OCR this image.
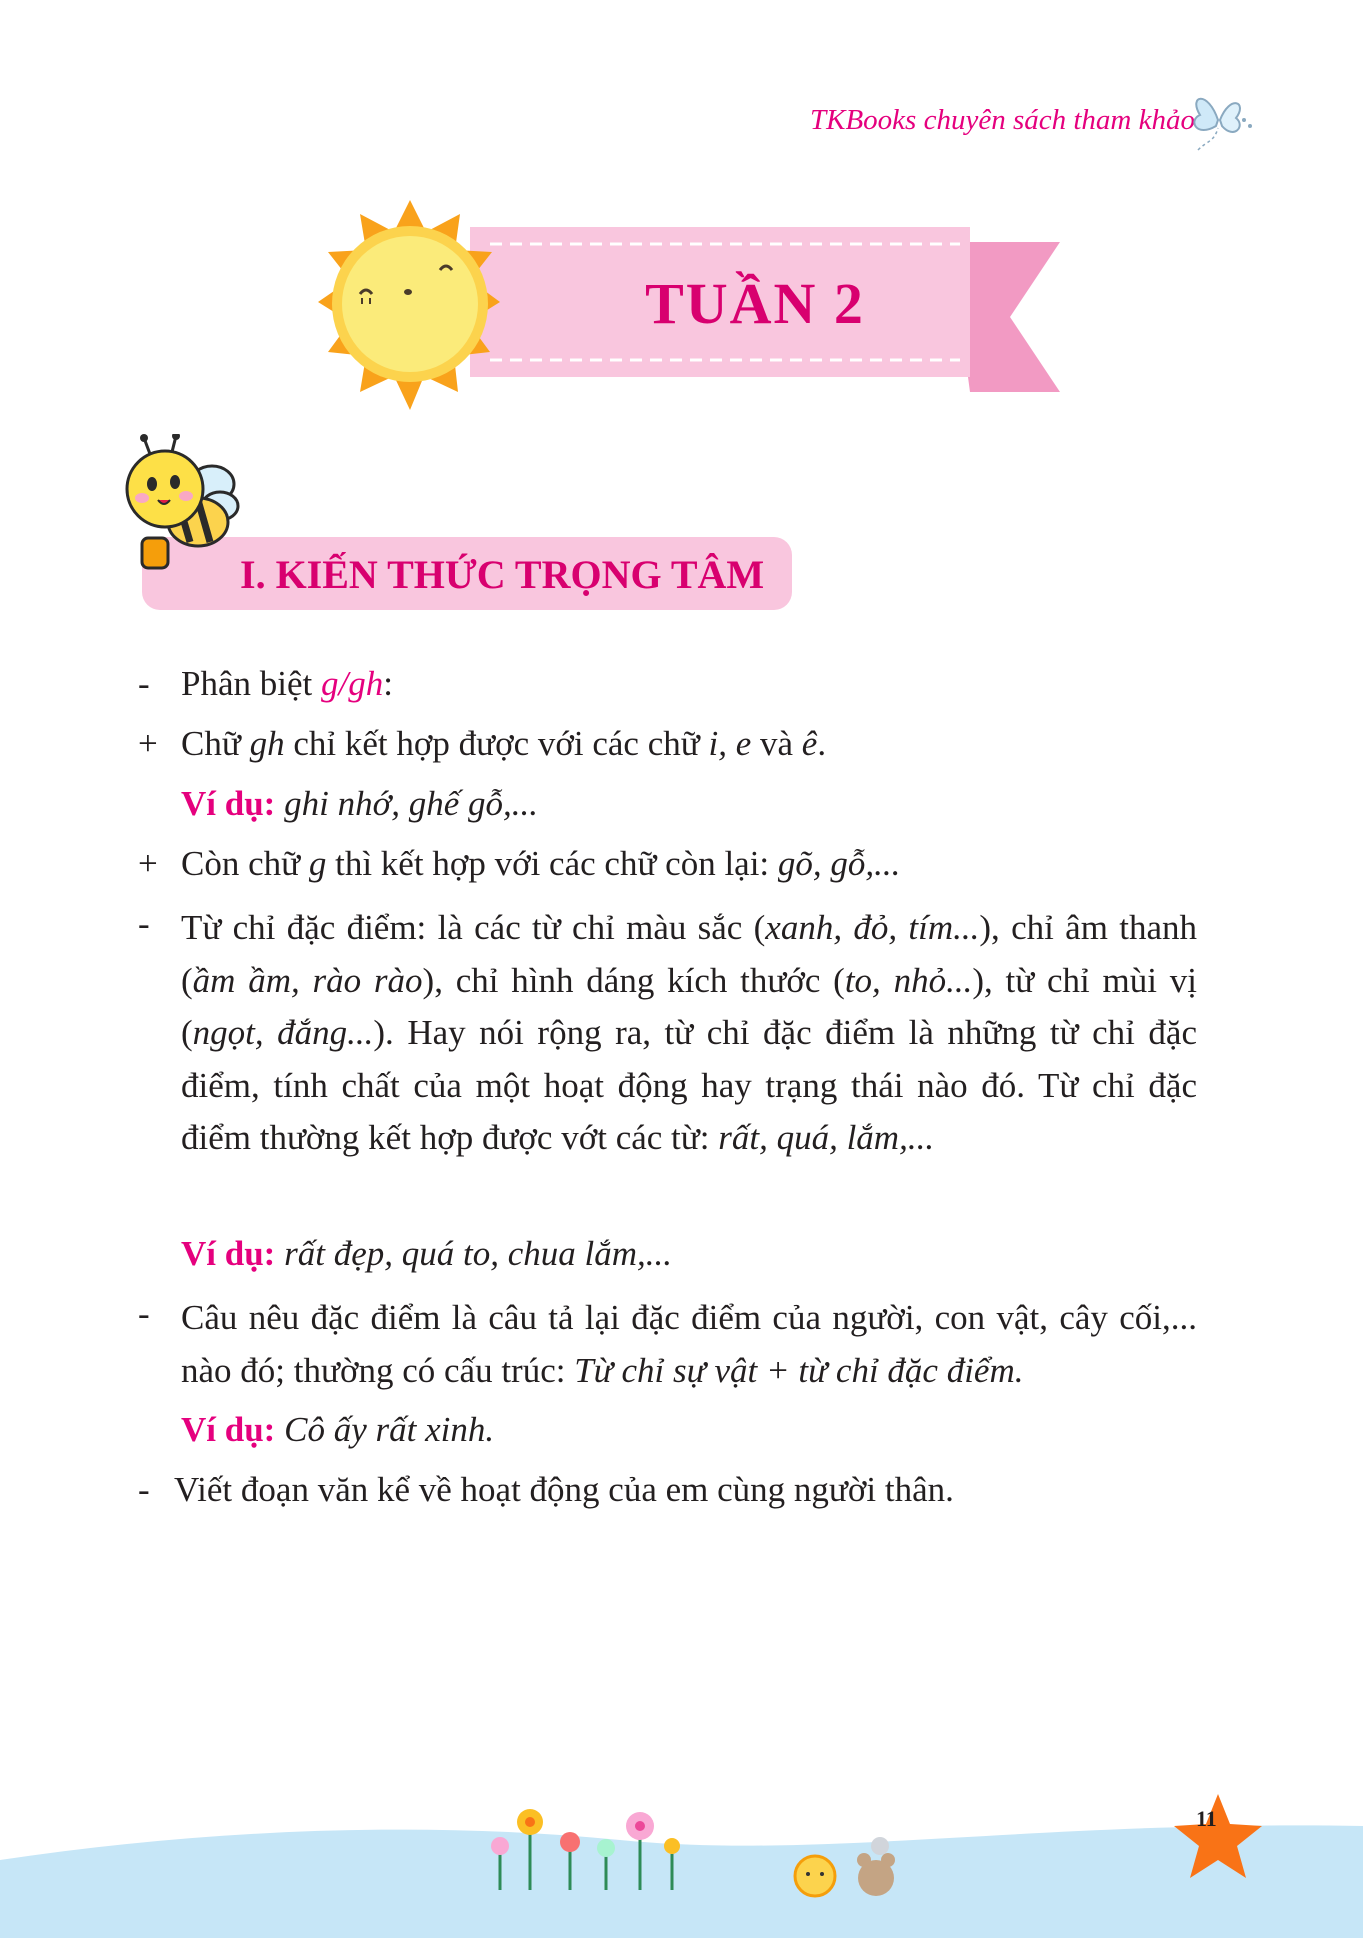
TKBooks chuyên sách tham khảo
TUẦN 2
I. KIẾN THỨC TRỌNG TÂM
- Phân biệt g/gh:
+ Chữ gh chỉ kết hợp được với các chữ i, e và ê.
Ví dụ: ghi nhớ, ghế gỗ,...
+ Còn chữ g thì kết hợp với các chữ còn lại: gõ, gỗ,...
- Từ chỉ đặc điểm: là các từ chỉ màu sắc (xanh, đỏ, tím...), chỉ âm thanh (ầm ầm, rào rào), chỉ hình dáng kích thước (to, nhỏ...), từ chỉ mùi vị (ngọt, đắng...). Hay nói rộng ra, từ chỉ đặc điểm là những từ chỉ đặc điểm, tính chất của một hoạt động hay trạng thái nào đó. Từ chỉ đặc điểm thường kết hợp được vớt các từ: rất, quá, lắm,...
Ví dụ: rất đẹp, quá to, chua lắm,...
- Câu nêu đặc điểm là câu tả lại đặc điểm của người, con vật, cây cối,... nào đó; thường có cấu trúc: Từ chỉ sự vật + từ chỉ đặc điểm.
Ví dụ: Cô ấy rất xinh.
- Viết đoạn văn kể về hoạt động của em cùng người thân.
11
